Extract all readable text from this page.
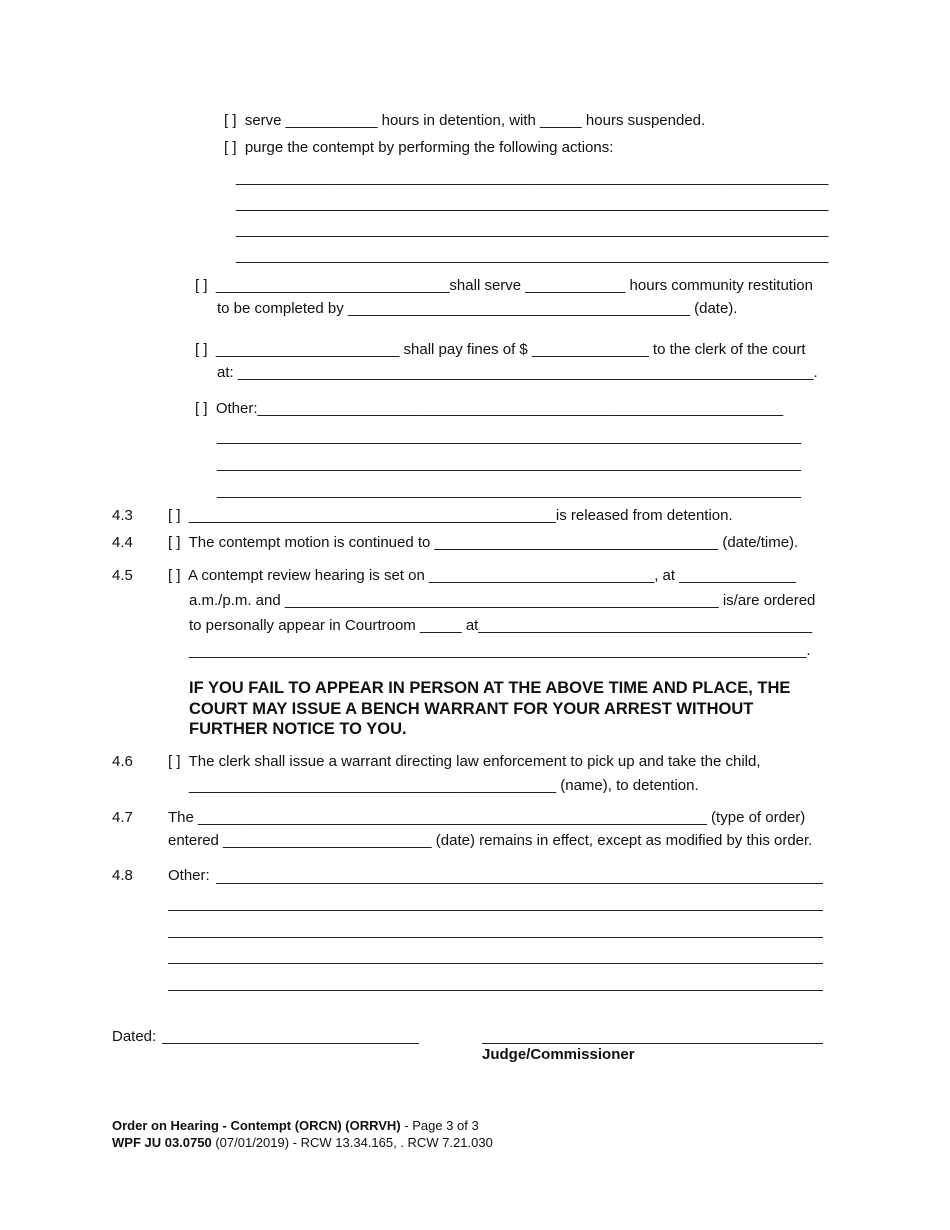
[ ]  serve ___________ hours in detention, with _____ hours suspended.
[ ]  purge the contempt by performing the following actions:
_______________________________________________________________________
_______________________________________________________________________
_______________________________________________________________________
_______________________________________________________________________
[ ]  ____________________________shall serve ____________ hours community restitution
to be completed by _________________________________________ (date).
[ ]  ______________________ shall pay fines of $ ______________ to the clerk of the court
at: _____________________________________________________________________.
[ ]  Other:_______________________________________________________________
______________________________________________________________________
______________________________________________________________________
______________________________________________________________________
4.3 [ ]  ____________________________________________is released from detention.
4.4 [ ]  The contempt motion is continued to __________________________________ (date/time).
4.5 [ ]  A contempt review hearing is set on ___________________________, at ______________
a.m./p.m. and ____________________________________________________ is/are ordered
to personally appear in Courtroom _____ at________________________________________
__________________________________________________________________________.
IF YOU FAIL TO APPEAR IN PERSON AT THE ABOVE TIME AND PLACE, THE
COURT MAY ISSUE A BENCH WARRANT FOR YOUR ARREST WITHOUT
FURTHER NOTICE TO YOU.
4.6 [ ]  The clerk shall issue a warrant directing law enforcement to pick up and take the child,
____________________________________________ (name), to detention.
4.7 The _____________________________________________________________ (type of order)
entered _________________________ (date) remains in effect, except as modified by this order.
4.8 Other:
Dated:
Judge/Commissioner
Order on Hearing - Contempt (ORCN) (ORRVH) - Page 3 of 3
WPF JU 03.0750 (07/01/2019) - RCW 13.34.165, . RCW 7.21.030
